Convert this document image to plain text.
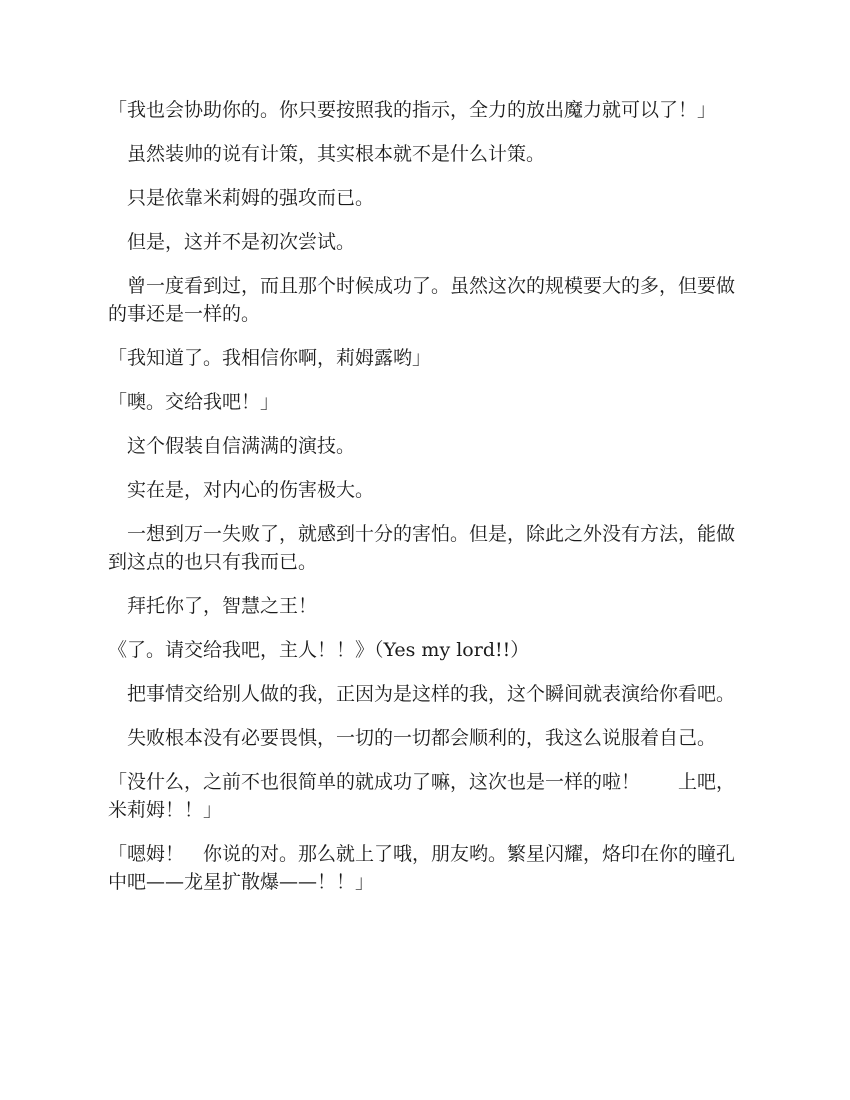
「我也会协助你的。你只要按照我的指示，全力的放出魔力就可以了！」

　虽然装帅的说有计策，其实根本就不是什么计策。

　只是依靠米莉姆的强攻而已。

　但是，这并不是初次尝试。

　曾一度看到过，而且那个时候成功了。虽然这次的规模要大的多，但要做的事还是一样的。

「我知道了。我相信你啊，莉姆露哟」

「噢。交给我吧！」

　这个假装自信满满的演技。

　实在是，对内心的伤害极大。

　一想到万一失败了，就感到十分的害怕。但是，除此之外没有方法，能做到这点的也只有我而已。

　拜托你了，智慧之王！

《了。请交给我吧，主人！！》（Yes my lord!!）

　把事情交给别人做的我，正因为是这样的我，这个瞬间就表演给你看吧。

　失败根本没有必要畏惧，一切的一切都会顺利的，我这么说服着自己。

「没什么，之前不也很简单的就成功了嘛，这次也是一样的啦！　　上吧，米莉姆！！」

「嗯姆！　你说的对。那么就上了哦，朋友哟。繁星闪耀，烙印在你的瞳孔中吧——龙星扩散爆——！！」
